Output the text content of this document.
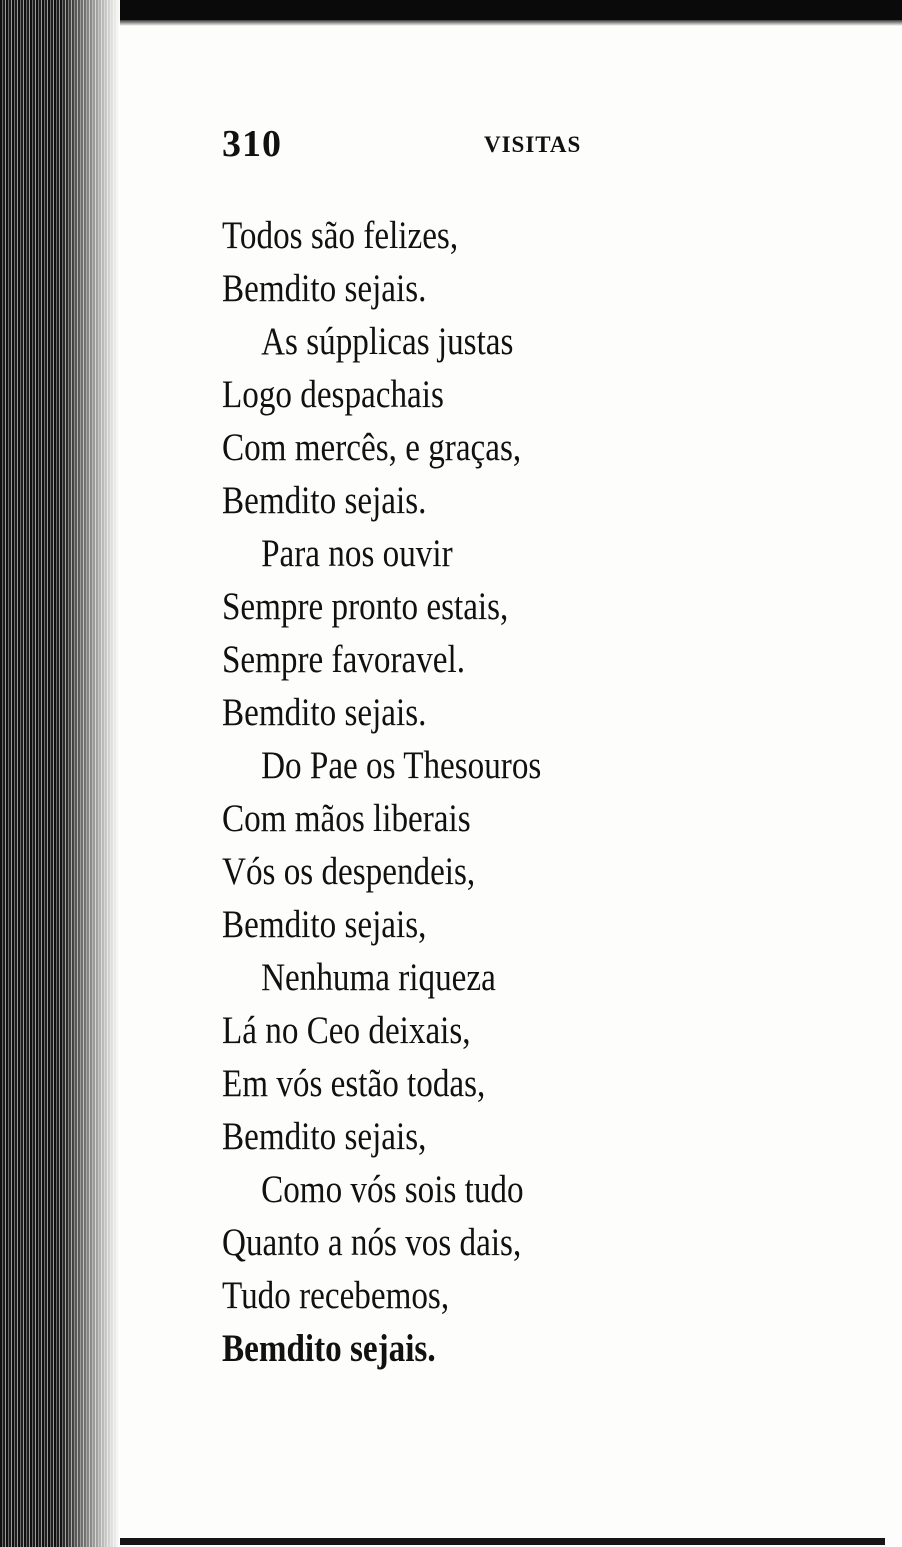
310	VISITAS
Todos são felizes,
Bemdito sejais.
As súpplicas justas
Logo despachais
Com mercês, e graças,
Bemdito sejais.
Para nos ouvir
Sempre pronto estais,
Sempre favoravel.
Bemdito sejais.
Do Pae os Thesouros
Com mãos liberais
Vós os despendeis,
Bemdito sejais,
Nenhuma riqueza
Lá no Ceo deixais,
Em vós estão todas,
Bemdito sejais,
Como vós sois tudo
Quanto a nós vos dais,
Tudo recebemos,
Bemdito sejais.
